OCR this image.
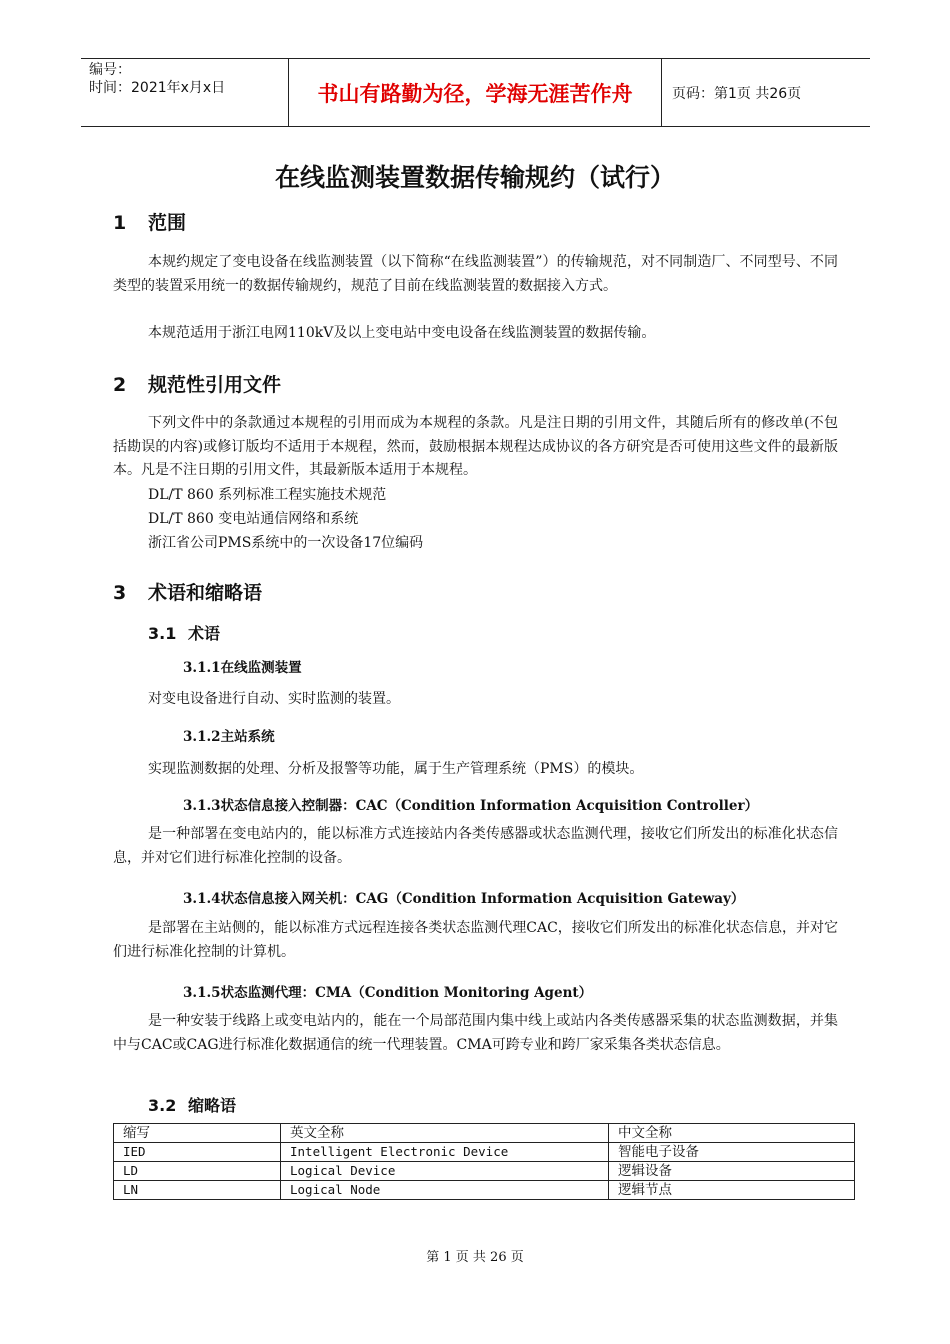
编号：
时间：2021年x月x日	书山有路勤为径，学海无涯苦作舟	页码：第1页 共26页
在线监测装置数据传输规约（试行）
1 范围
本规约规定了变电设备在线监测装置（以下简称“在线监测装置”）的传输规范，对不同制造厂、不同型号、不同类型的装置采用统一的数据传输规约，规范了目前在线监测装置的数据接入方式。
本规范适用于浙江电网110kV及以上变电站中变电设备在线监测装置的数据传输。
2 规范性引用文件
下列文件中的条款通过本规程的引用而成为本规程的条款。凡是注日期的引用文件，其随后所有的修改单(不包括勘误的内容)或修订版均不适用于本规程，然而，鼓励根据本规程达成协议的各方研究是否可使用这些文件的最新版本。凡是不注日期的引用文件，其最新版本适用于本规程。
DL/T 860 系列标准工程实施技术规范
DL/T 860 变电站通信网络和系统
浙江省公司PMS系统中的一次设备17位编码
3 术语和缩略语
3.1 术语
3.1.1在线监测装置
对变电设备进行自动、实时监测的装置。
3.1.2主站系统
实现监测数据的处理、分析及报警等功能，属于生产管理系统（PMS）的模块。
3.1.3状态信息接入控制器：CAC（Condition Information Acquisition Controller）
是一种部署在变电站内的，能以标准方式连接站内各类传感器或状态监测代理，接收它们所发出的标准化状态信息，并对它们进行标准化控制的设备。
3.1.4状态信息接入网关机：CAG（Condition Information Acquisition Gateway）
是部署在主站侧的，能以标准方式远程连接各类状态监测代理CAC，接收它们所发出的标准化状态信息，并对它们进行标准化控制的计算机。
3.1.5状态监测代理：CMA（Condition Monitoring Agent）
是一种安装于线路上或变电站内的，能在一个局部范围内集中线上或站内各类传感器采集的状态监测数据，并集中与CAC或CAG进行标准化数据通信的统一代理装置。CMA可跨专业和跨厂家采集各类状态信息。
3.2 缩略语
缩写	英文全称	中文全称
IED	Intelligent Electronic Device	智能电子设备
LD	Logical Device	逻辑设备
LN	Logical Node	逻辑节点
第 1 页 共 26 页
